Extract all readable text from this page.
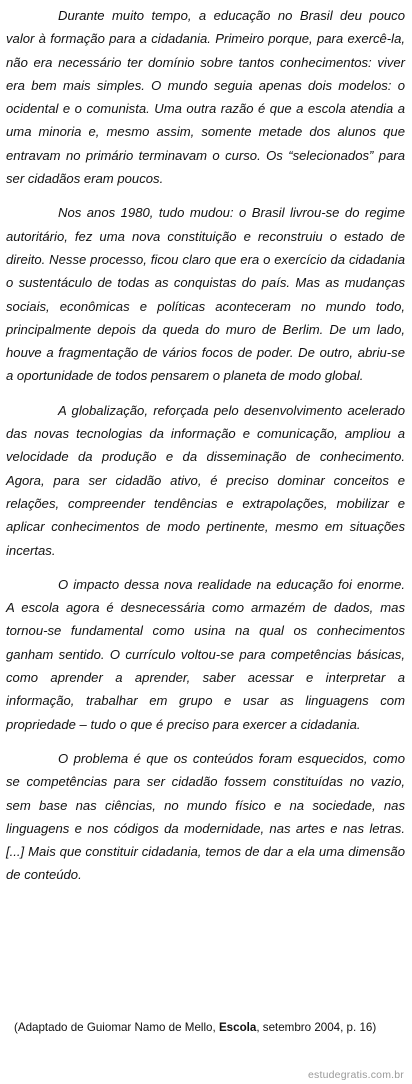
Durante muito tempo, a educação no Brasil deu pouco valor à formação para a cidadania. Primeiro porque, para exercê-la, não era necessário ter domínio sobre tantos conhecimentos: viver era bem mais simples. O mundo seguia apenas dois modelos: o ocidental e o comunista. Uma outra razão é que a escola atendia a uma minoria e, mesmo assim, somente metade dos alunos que entravam no primário terminavam o curso. Os “selecionados” para ser cidadãos eram poucos.

Nos anos 1980, tudo mudou: o Brasil livrou-se do regime autoritário, fez uma nova constituição e reconstruiu o estado de direito. Nesse processo, ficou claro que era o exercício da cidadania o sustentáculo de todas as conquistas do país. Mas as mudanças sociais, econômicas e políticas aconteceram no mundo todo, principalmente depois da queda do muro de Berlim. De um lado, houve a fragmentação de vários focos de poder. De outro, abriu-se a oportunidade de todos pensarem o planeta de modo global.

A globalização, reforçada pelo desenvolvimento acelerado das novas tecnologias da informação e comunicação, ampliou a velocidade da produção e da disseminação de conhecimento. Agora, para ser cidadão ativo, é preciso dominar conceitos e relações, compreender tendências e extrapolações, mobilizar e aplicar conhecimentos de modo pertinente, mesmo em situações incertas.

O impacto dessa nova realidade na educação foi enorme. A escola agora é desnecessária como armazém de dados, mas tornou-se fundamental como usina na qual os conhecimentos ganham sentido. O currículo voltou-se para competências básicas, como aprender a aprender, saber acessar e interpretar a informação, trabalhar em grupo e usar as linguagens com propriedade – tudo o que é preciso para exercer a cidadania.

O problema é que os conteúdos foram esquecidos, como se competências para ser cidadão fossem constituídas no vazio, sem base nas ciências, no mundo físico e na sociedade, nas linguagens e nos códigos da modernidade, nas artes e nas letras. [...] Mais que constituir cidadania, temos de dar a ela uma dimensão de conteúdo.

(Adaptado de Guiomar Namo de Mello, Escola, setembro 2004, p. 16)
estudegratis.com.br
